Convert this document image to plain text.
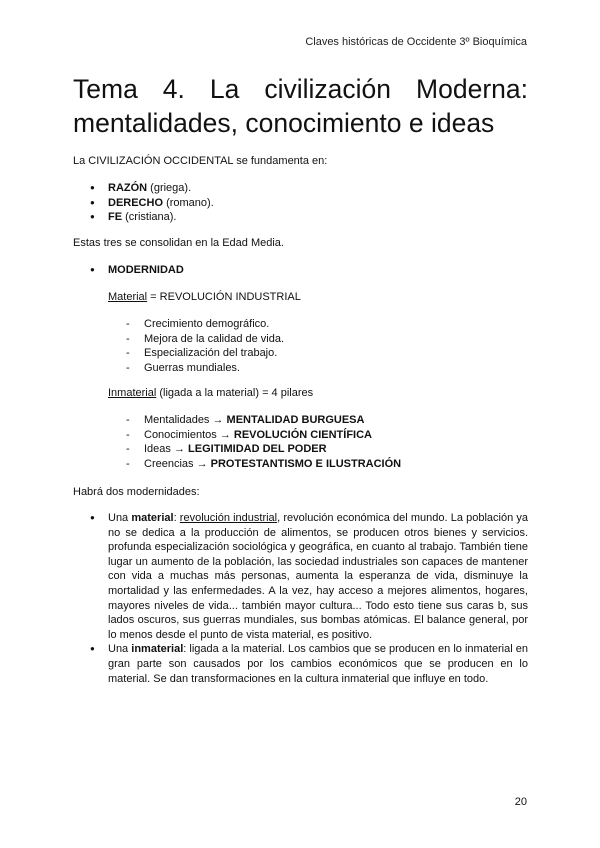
Claves históricas de Occidente 3º Bioquímica
Tema 4. La civilización Moderna: mentalidades, conocimiento e ideas

La CIVILIZACIÓN OCCIDENTAL se fundamenta en:

● RAZÓN (griega).
● DERECHO (romano).
● FE (cristiana).

Estas tres se consolidan en la Edad Media.

● MODERNIDAD

Material = REVOLUCIÓN INDUSTRIAL

- Crecimiento demográfico.
- Mejora de la calidad de vida.
- Especialización del trabajo.
- Guerras mundiales.

Inmaterial (ligada a la material) = 4 pilares

- Mentalidades → MENTALIDAD BURGUESA
- Conocimientos → REVOLUCIÓN CIENTÍFICA
- Ideas → LEGITIMIDAD DEL PODER
- Creencias → PROTESTANTISMO E ILUSTRACIÓN

Habrá dos modernidades:

● Una material: revolución industrial, revolución económica del mundo. La población ya no se dedica a la producción de alimentos, se producen otros bienes y servicios. profunda especialización sociológica y geográfica, en cuanto al trabajo. También tiene lugar un aumento de la población, las sociedad industriales son capaces de mantener con vida a muchas más personas, aumenta la esperanza de vida, disminuye la mortalidad y las enfermedades. A la vez, hay acceso a mejores alimentos, hogares, mayores niveles de vida... también mayor cultura... Todo esto tiene sus caras b, sus lados oscuros, sus guerras mundiales, sus bombas atómicas. El balance general, por lo menos desde el punto de vista material, es positivo.
● Una inmaterial: ligada a la material. Los cambios que se producen en lo inmaterial en gran parte son causados por los cambios económicos que se producen en lo material. Se dan transformaciones en la cultura inmaterial que influye en todo.
20
